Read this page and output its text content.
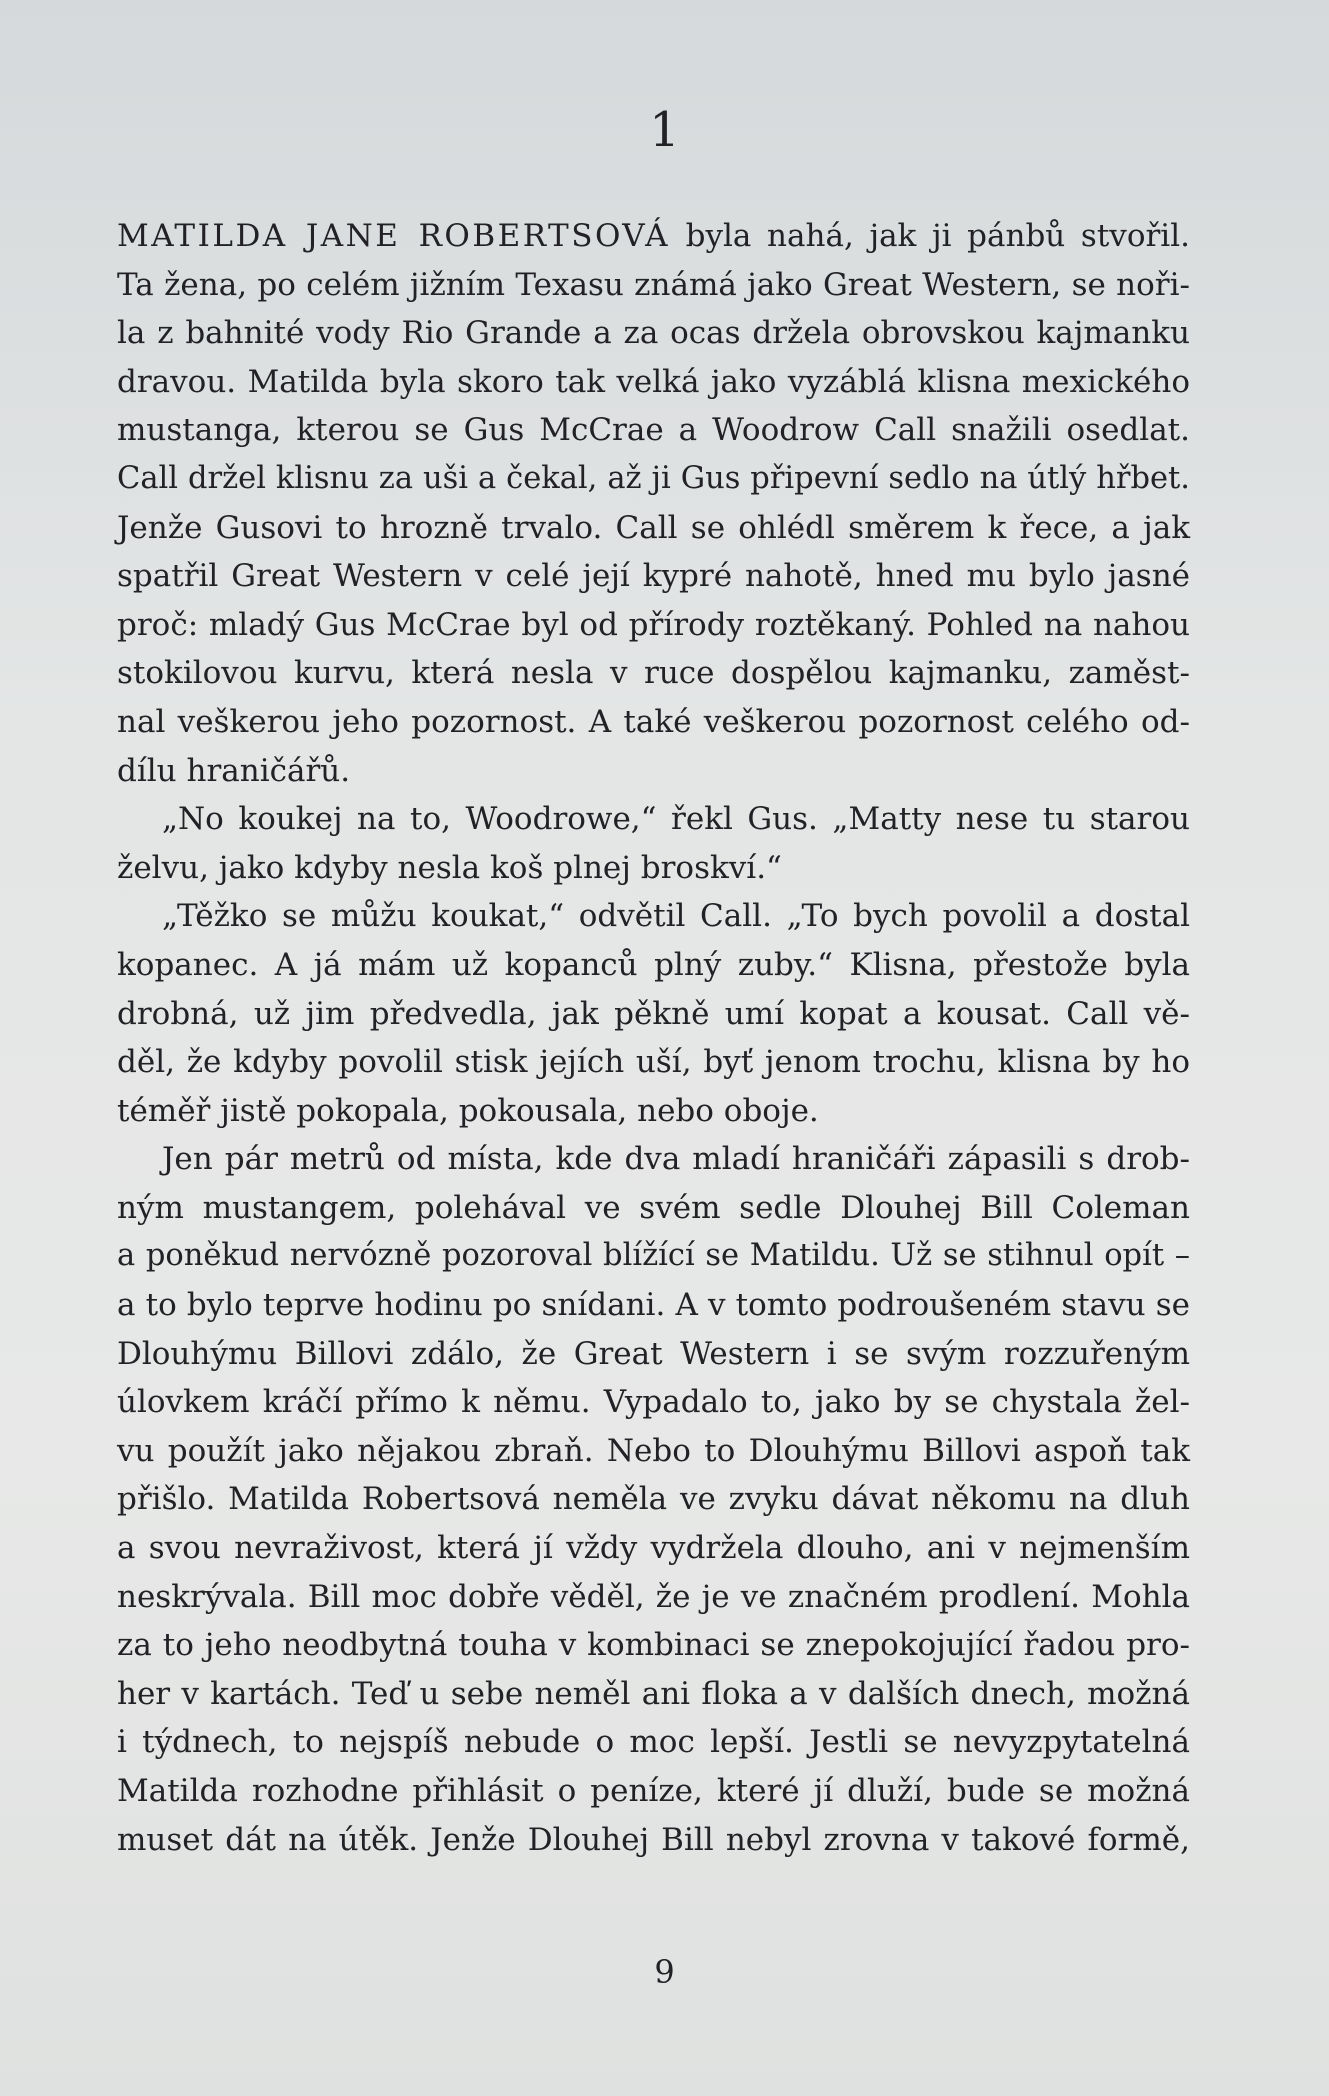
1
MATILDA JANE ROBERTSOVÁ byla nahá, jak ji pánbů stvořil.
Ta žena, po celém jižním Texasu známá jako Great Western, se noři-
la z bahnité vody Rio Grande a za ocas držela obrovskou kajmanku
dravou. Matilda byla skoro tak velká jako vyzáblá klisna mexického
mustanga, kterou se Gus McCrae a Woodrow Call snažili osedlat.
Call držel klisnu za uši a čekal, až ji Gus připevní sedlo na útlý hřbet.
Jenže Gusovi to hrozně trvalo. Call se ohlédl směrem k řece, a jak
spatřil Great Western v celé její kypré nahotě, hned mu bylo jasné
proč: mladý Gus McCrae byl od přírody roztěkaný. Pohled na nahou
stokilovou kurvu, která nesla v ruce dospělou kajmanku, zaměst-
nal veškerou jeho pozornost. A také veškerou pozornost celého od-
dílu hraničářů.
„No koukej na to, Woodrowe,“ řekl Gus. „Matty nese tu starou
želvu, jako kdyby nesla koš plnej broskví.“
„Těžko se můžu koukat,“ odvětil Call. „To bych povolil a dostal
kopanec. A já mám už kopanců plný zuby.“ Klisna, přestože byla
drobná, už jim předvedla, jak pěkně umí kopat a kousat. Call vě-
děl, že kdyby povolil stisk jejích uší, byť jenom trochu, klisna by ho
téměř jistě pokopala, pokousala, nebo oboje.
Jen pár metrů od místa, kde dva mladí hraničáři zápasili s drob-
ným mustangem, polehával ve svém sedle Dlouhej Bill Coleman
a poněkud nervózně pozoroval blížící se Matildu. Už se stihnul opít –
a to bylo teprve hodinu po snídani. A v tomto podroušeném stavu se
Dlouhýmu Billovi zdálo, že Great Western i se svým rozzuřeným
úlovkem kráčí přímo k němu. Vypadalo to, jako by se chystala žel-
vu použít jako nějakou zbraň. Nebo to Dlouhýmu Billovi aspoň tak
přišlo. Matilda Robertsová neměla ve zvyku dávat někomu na dluh
a svou nevraživost, která jí vždy vydržela dlouho, ani v nejmenším
neskrývala. Bill moc dobře věděl, že je ve značném prodlení. Mohla
za to jeho neodbytná touha v kombinaci se znepokojující řadou pro-
her v kartách. Teď u sebe neměl ani floka a v dalších dnech, možná
i týdnech, to nejspíš nebude o moc lepší. Jestli se nevyzpytatelná
Matilda rozhodne přihlásit o peníze, které jí dluží, bude se možná
muset dát na útěk. Jenže Dlouhej Bill nebyl zrovna v takové formě,
9
